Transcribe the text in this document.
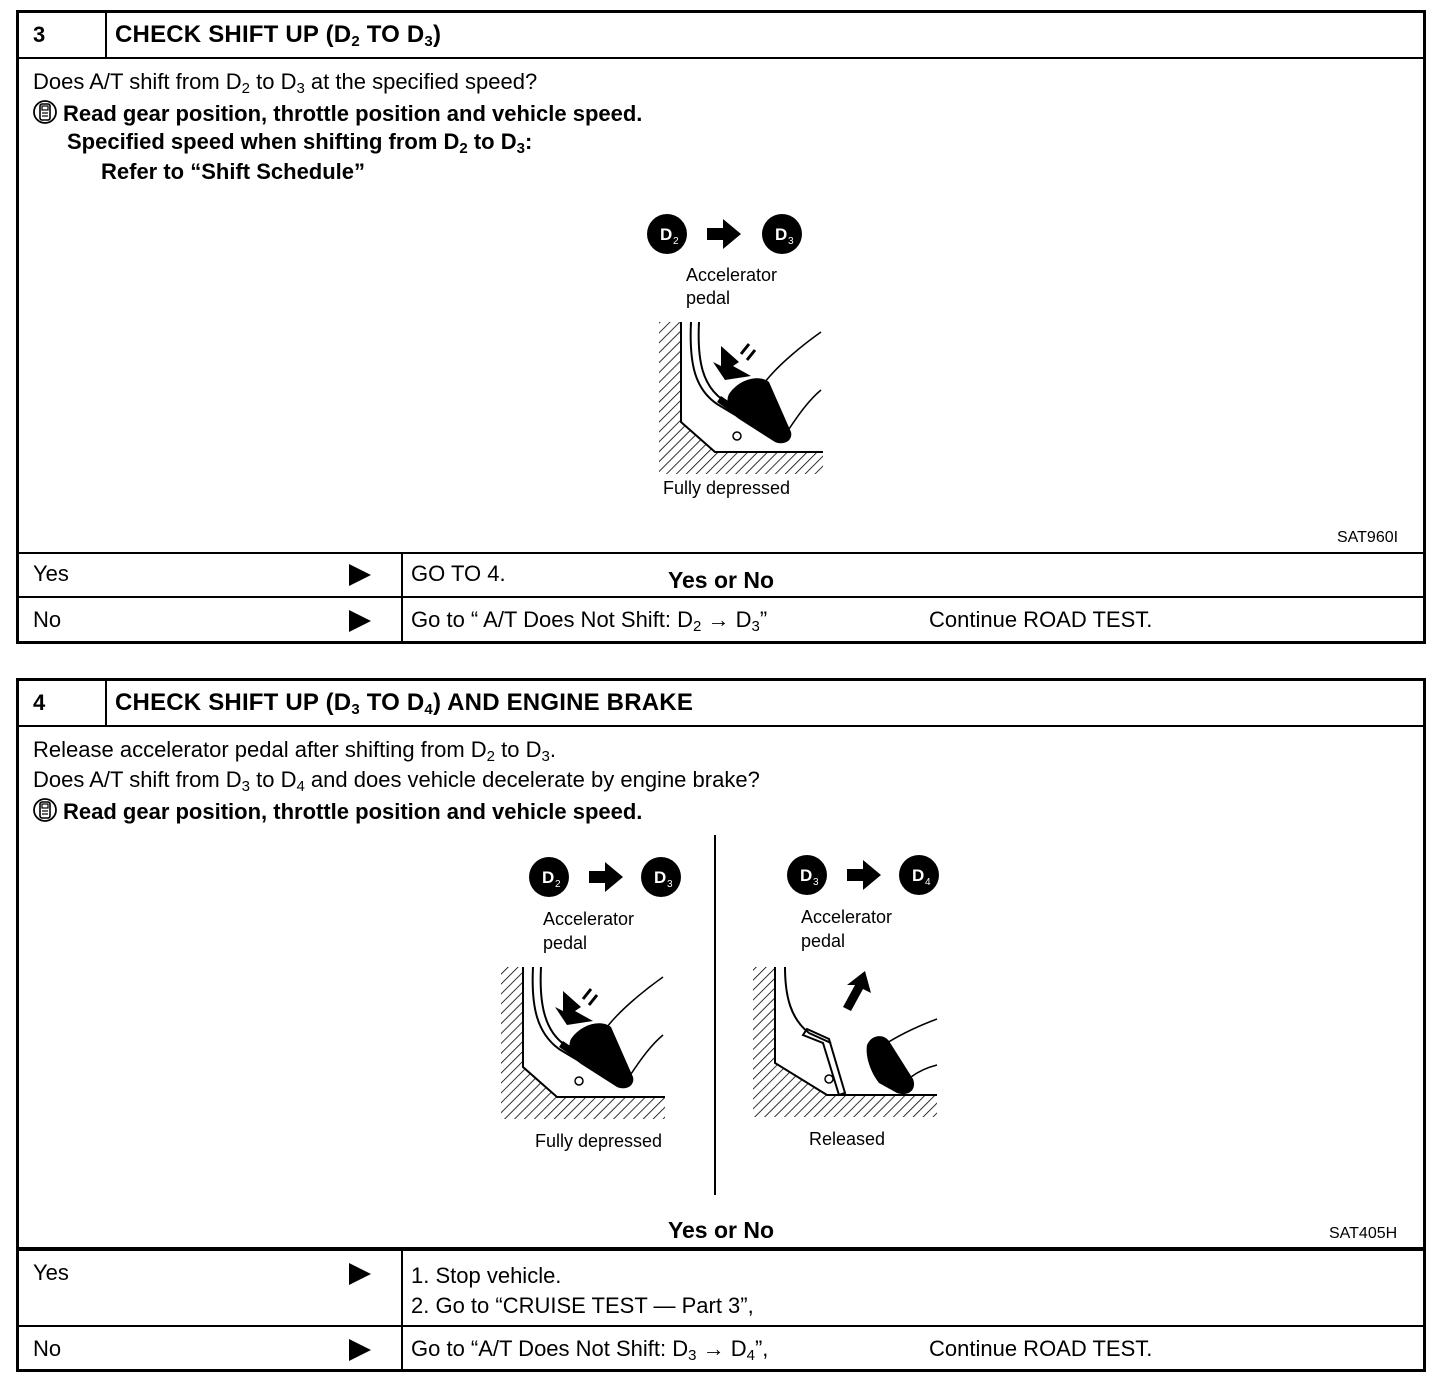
3	CHECK SHIFT UP ($D_2$ TO $D_3$)
Does A/T shift from $D_2$ to $D_3$ at the specified speed?
Read gear position, throttle position and vehicle speed.
Specified speed when shifting from $D_2$ to $D_3$:
Refer to “Shift Schedule”
D 2	D 3
Accelerator
pedal
Fully depressed
SAT960I
Yes or No
Yes	GO TO 4.
No	Go to “ A/T Does Not Shift: $D_2 \to D_3$”	Continue ROAD TEST.
4	CHECK SHIFT UP ($D_3$ TO $D_4$) AND ENGINE BRAKE
Release accelerator pedal after shifting from $D_2$ to $D_3$.
Does A/T shift from $D_3$ to $D_4$ and does vehicle decelerate by engine brake?
Read gear position, throttle position and vehicle speed.
D 2	D 3
Accelerator
pedal
Fully depressed
D 3	D 4
Accelerator
pedal
Released
SAT405H
Yes or No
Yes	1. Stop vehicle.
2. Go to “CRUISE TEST — Part 3”,
No	Go to “A/T Does Not Shift: $D_3 \to D_4$”,	Continue ROAD TEST.
